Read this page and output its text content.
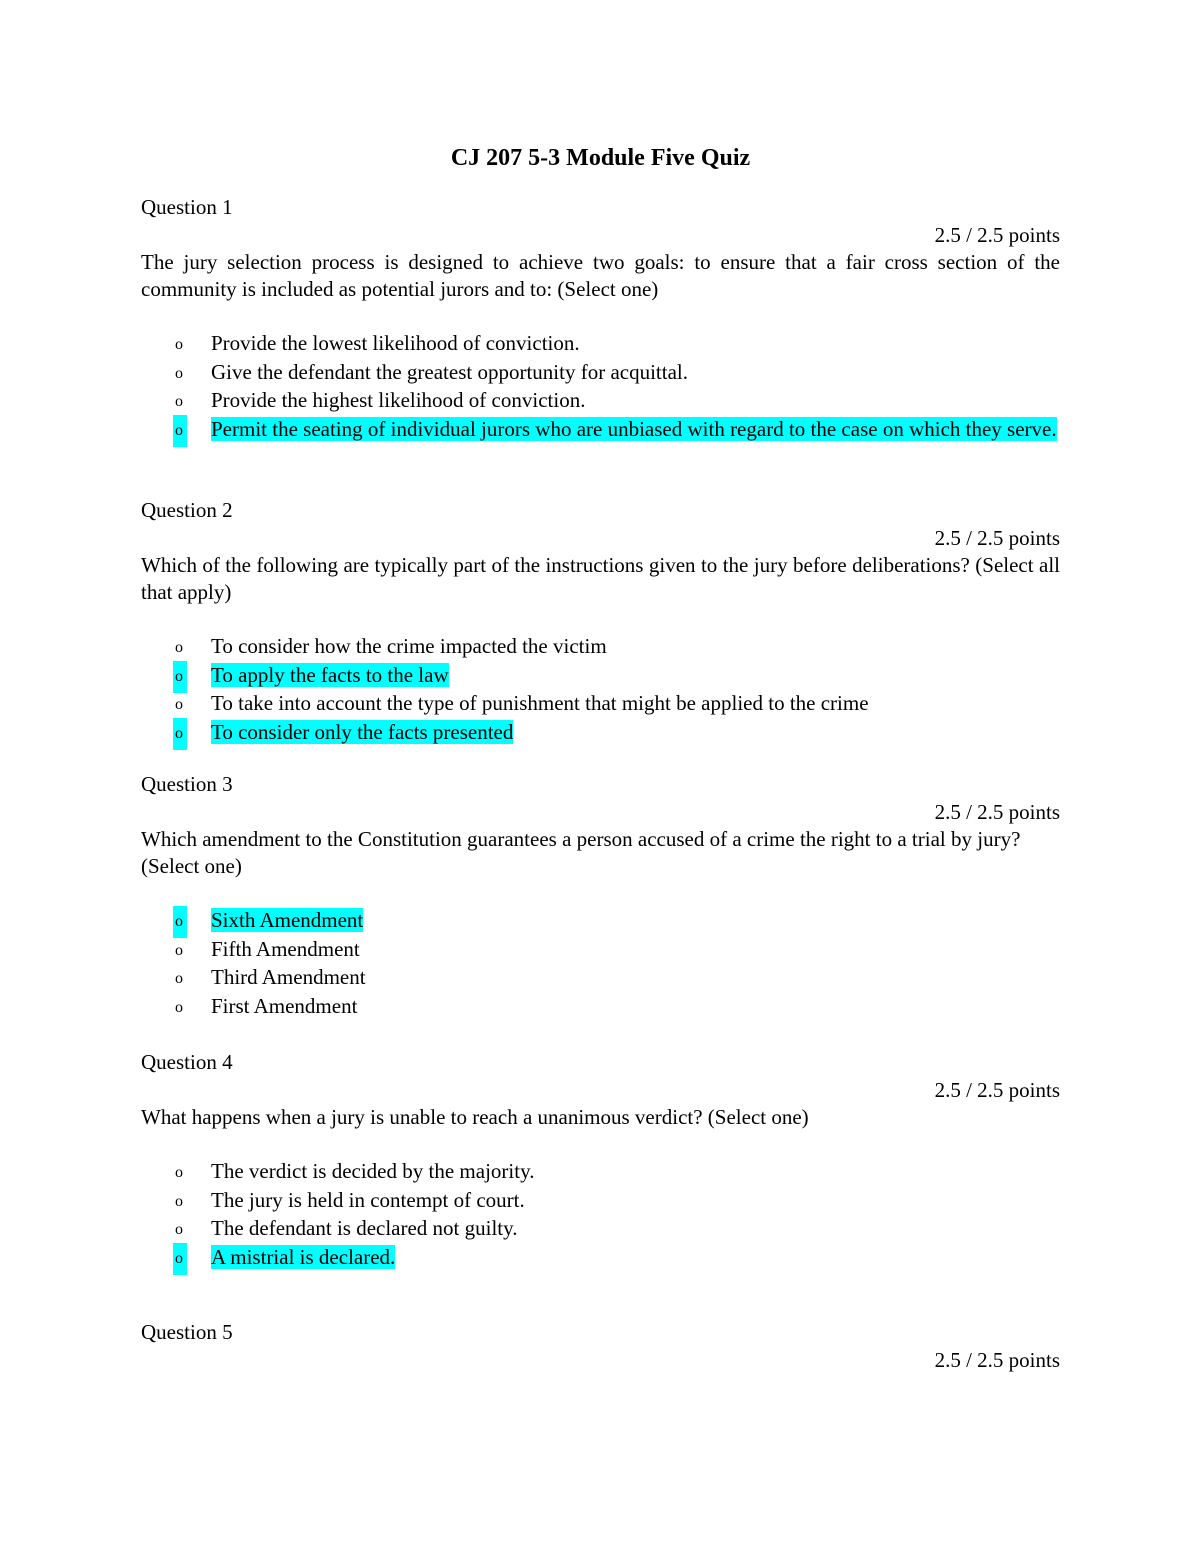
CJ 207 5-3 Module Five Quiz
Question 1
2.5 / 2.5 points

The jury selection process is designed to achieve two goals: to ensure that a fair cross section of the community is included as potential jurors and to: (Select one)

o Provide the lowest likelihood of conviction.
o Give the defendant the greatest opportunity for acquittal.
o Provide the highest likelihood of conviction.
o Permit the seating of individual jurors who are unbiased with regard to the case on which they serve.
Question 2
2.5 / 2.5 points

Which of the following are typically part of the instructions given to the jury before deliberations? (Select all that apply)

o To consider how the crime impacted the victim
o To apply the facts to the law
o To take into account the type of punishment that might be applied to the crime
o To consider only the facts presented
Question 3
2.5 / 2.5 points

Which amendment to the Constitution guarantees a person accused of a crime the right to a trial by jury? (Select one)

o Sixth Amendment
o Fifth Amendment
o Third Amendment
o First Amendment
Question 4
2.5 / 2.5 points

What happens when a jury is unable to reach a unanimous verdict? (Select one)

o The verdict is decided by the majority.
o The jury is held in contempt of court.
o The defendant is declared not guilty.
o A mistrial is declared.
Question 5
2.5 / 2.5 points
